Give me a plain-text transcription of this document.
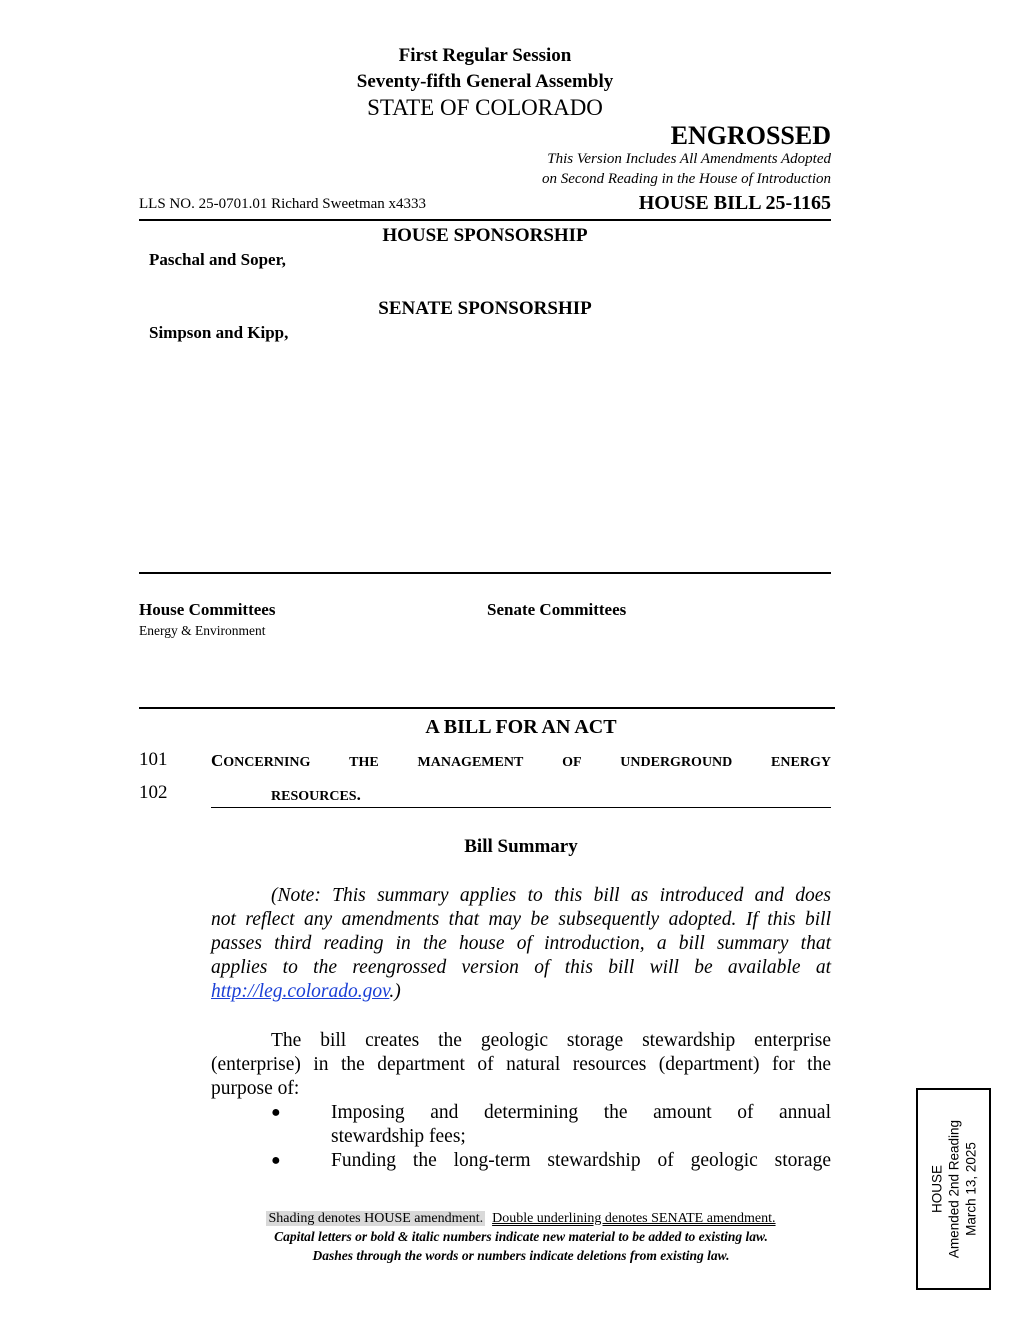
First Regular Session
Seventy-fifth General Assembly
STATE OF COLORADO
ENGROSSED
This Version Includes All Amendments Adopted
on Second Reading in the House of Introduction
LLS NO. 25-0701.01 Richard Sweetman x4333	HOUSE BILL 25-1165
HOUSE SPONSORSHIP
Paschal and Soper,
SENATE SPONSORSHIP
Simpson and Kipp,
House Committees
Energy & Environment
Senate Committees
A BILL FOR AN ACT
101	CONCERNING	THE	MANAGEMENT	OF	UNDERGROUND	ENERGY
102	RESOURCES.
Bill Summary
(Note: This summary applies to this bill as introduced and does
not reflect any amendments that may be subsequently adopted. If this bill
passes third reading in the house of introduction, a bill summary that
applies to the reengrossed version of this bill will be available at
http://leg.colorado.gov.)
The bill creates the geologic storage stewardship enterprise
(enterprise) in the department of natural resources (department) for the
purpose of:
●	Imposing and determining the amount of annual
stewardship fees;
●	Funding the long-term stewardship of geologic storage
Shading denotes HOUSE amendment. Double underlining denotes SENATE amendment.
Capital letters or bold & italic numbers indicate new material to be added to existing law.
Dashes through the words or numbers indicate deletions from existing law.
HOUSE Amended 2nd Reading March 13, 2025
